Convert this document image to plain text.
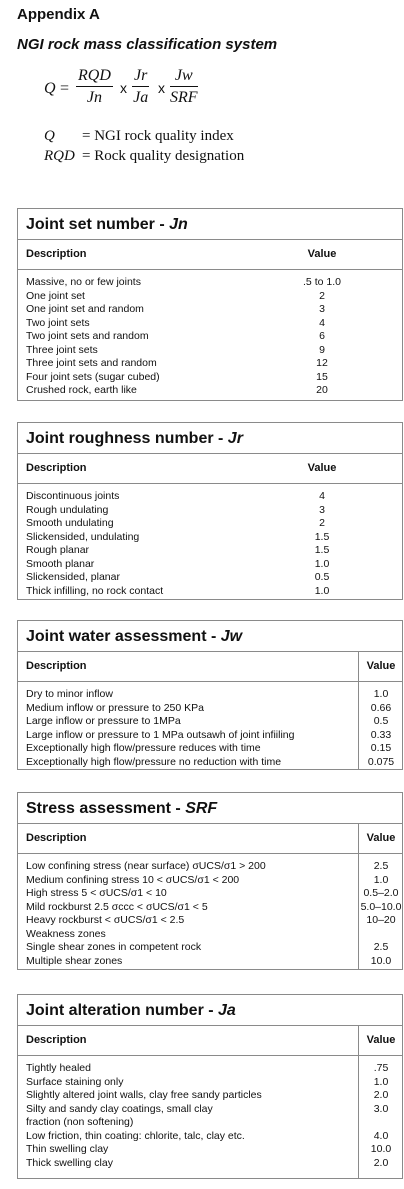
Appendix A
NGI rock mass classification system
Q =
RQD
Jn
x $\frac{Jr}{Ja}$ x
Jw
SRF
Q = NGI rock quality index
RQD = Rock quality designation
Joint set number - Jn
Description	Value
Massive, no or few joints	.5 to 1.0
One joint set	2
One joint set and random	3
Two joint sets	4
Two joint sets and random	6
Three joint sets	9
Three joint sets and random	12
Four joint sets (sugar cubed)	15
Crushed rock, earth like	20
Joint roughness number - Jr
Description	Value
Discontinuous joints	4
Rough undulating	3
Smooth undulating	2
Slickensided, undulating	1.5
Rough planar	1.5
Smooth planar	1.0
Slickensided, planar	0.5
Thick infilling, no rock contact	1.0
Joint water assessment - Jw
Description	Value
Dry to minor inflow	1.0
Medium inflow or pressure to 250 KPa	0.66
Large inflow or pressure to 1MPa	0.5
Large inflow or pressure to 1 MPa outsawh of joint infiiling	0.33
Exceptionally high flow/pressure reduces with time	0.15
Exceptionally high flow/pressure no reduction with time	0.075
Stress assessment - SRF
Description	Value
Low confining stress (near surface) σUCS/σ1 > 200	2.5
Medium confining stress 10 < σUCS/σ1 < 200	1.0
High stress 5 < σUCS/σ1 < 10	0.5–2.0
Mild rockburst 2.5 σccc < σUCS/σ1 < 5	5.0–10.0
Heavy rockburst < σUCS/σ1 < 2.5	10–20
Weakness zones
Single shear zones in competent rock	2.5
Multiple shear zones	10.0
Joint alteration number - Ja
Description	Value
Tightly healed	.75
Surface staining only	1.0
Slightly altered joint walls, clay free sandy particles	2.0
Silty and sandy clay coatings, small clay	3.0
fraction (non softening)
Low friction, thin coating: chlorite, talc, clay etc.	4.0
Thin swelling clay	10.0
Thick swelling clay	2.0
